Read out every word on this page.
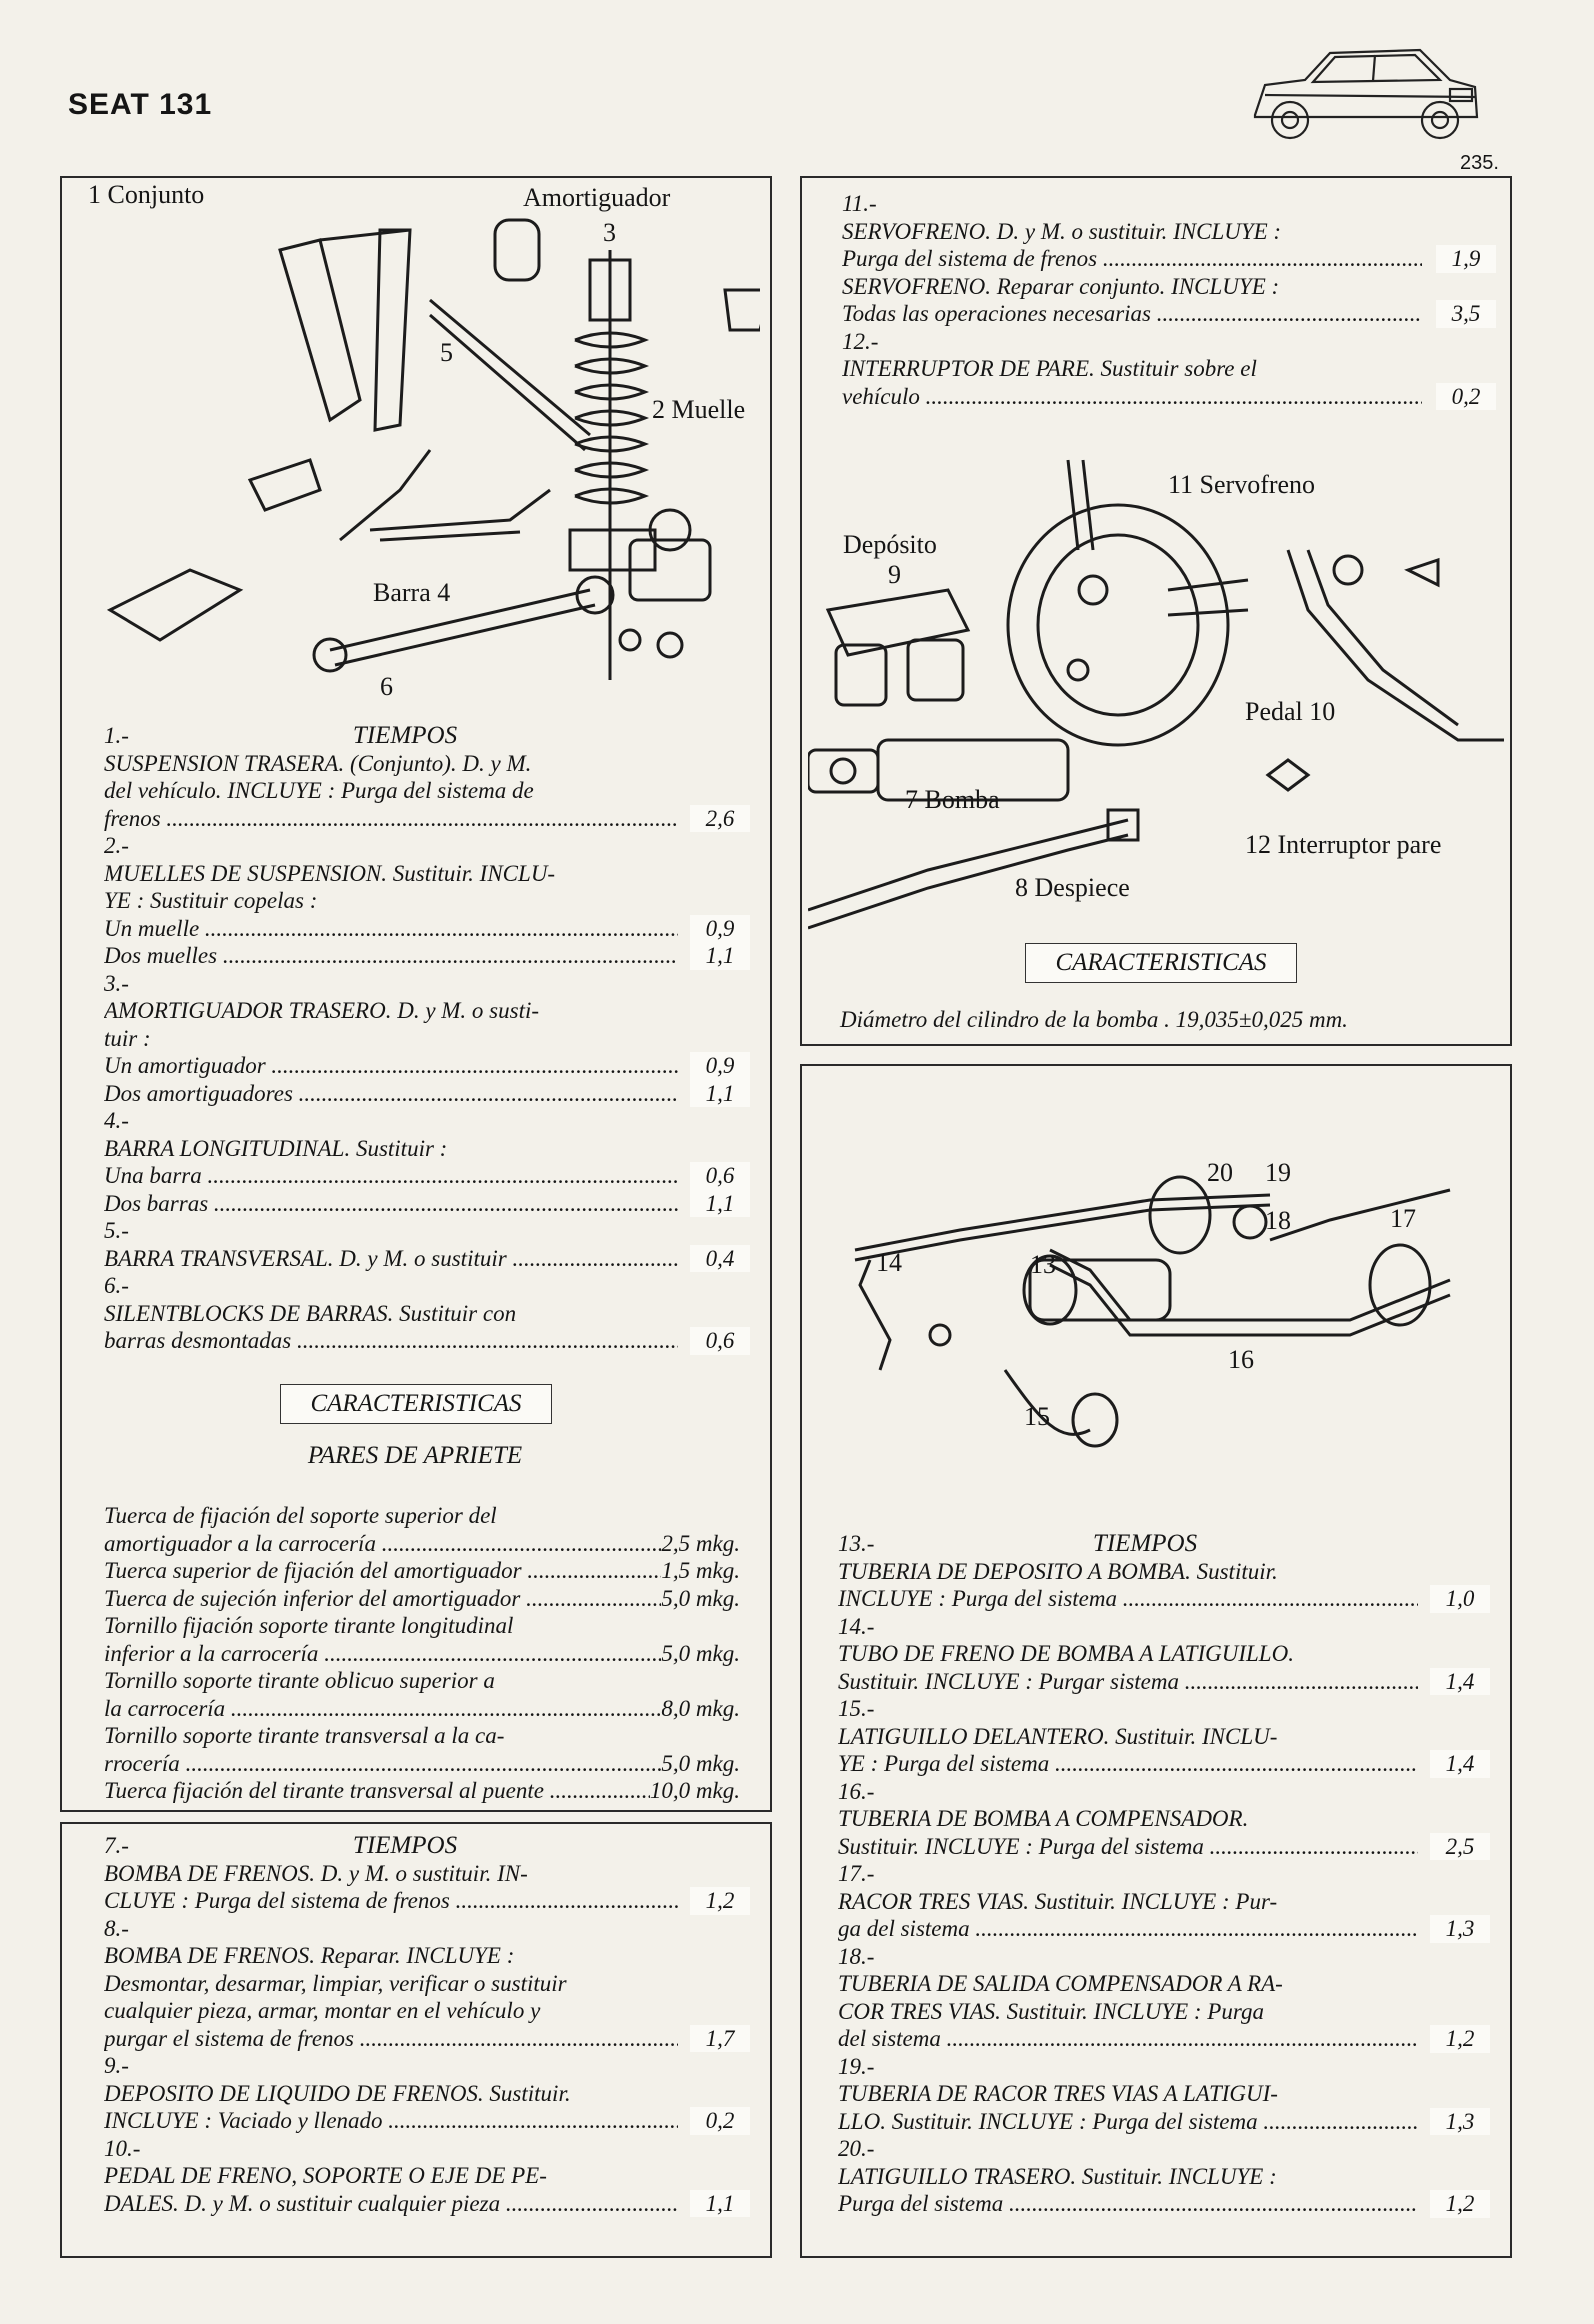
SEAT 131
235.
1 Conjunto	Amortiguador
3
2 Muelle
5
Barra 4
6
TIEMPOS
1.-
SUSPENSION TRASERA. (Conjunto). D. y M.
del vehículo. INCLUYE : Purga del sistema de
frenos .....	2,6
2.-
MUELLES DE SUSPENSION. Sustituir. INCLU-
YE : Sustituir copelas :
Un muelle .....	0,9
Dos muelles .....	1,1
3.-
AMORTIGUADOR TRASERO. D. y M. o susti-
tuir :
Un amortiguador .....	0,9
Dos amortiguadores .....	1,1
4.-
BARRA LONGITUDINAL. Sustituir :
Una barra .....	0,6
Dos barras .....	1,1
5.-
BARRA TRANSVERSAL. D. y M. o sustituir .....	0,4
6.-
SILENTBLOCKS DE BARRAS. Sustituir con
barras desmontadas .....	0,6
CARACTERISTICAS
PARES DE APRIETE
Tuerca de fijación del soporte superior del
amortiguador a la carrocería .....	2,5 mkg.
Tuerca superior de fijación del amortiguador .....	1,5 mkg.
Tuerca de sujeción inferior del amortiguador .....	5,0 mkg.
Tornillo fijación soporte tirante longitudinal
inferior a la carrocería .....	5,0 mkg.
Tornillo soporte tirante oblicuo superior a
la carrocería .....	8,0 mkg.
Tornillo soporte tirante transversal a la ca-
rrocería .....	5,0 mkg.
Tuerca fijación del tirante transversal al puente .....	10,0 mkg.
TIEMPOS
7.-
BOMBA DE FRENOS. D. y M. o sustituir. IN-
CLUYE : Purga del sistema de frenos .....	1,2
8.-
BOMBA DE FRENOS. Reparar. INCLUYE :
Desmontar, desarmar, limpiar, verificar o sustituir
cualquier pieza, armar, montar en el vehículo y
purgar el sistema de frenos .....	1,7
9.-
DEPOSITO DE LIQUIDO DE FRENOS. Sustituir.
INCLUYE : Vaciado y llenado .....	0,2
10.-
PEDAL DE FRENO, SOPORTE O EJE DE PE-
DALES. D. y M. o sustituir cualquier pieza .....	1,1
11.-
SERVOFRENO. D. y M. o sustituir. INCLUYE :
Purga del sistema de frenos .....	1,9
SERVOFRENO. Reparar conjunto. INCLUYE :
Todas las operaciones necesarias .....	3,5
12.-
INTERRUPTOR DE PARE. Sustituir sobre el
vehículo .....	0,2
11 Servofreno
Depósito
9
Pedal 10
7 Bomba
12 Interruptor pare
8 Despiece
CARACTERISTICAS
Diámetro del cilindro de la bomba . 19,035±0,025 mm.
20 19
18	17
14	13
16
15
TIEMPOS
13.-
TUBERIA DE DEPOSITO A BOMBA. Sustituir.
INCLUYE : Purga del sistema .....	1,0
14.-
TUBO DE FRENO DE BOMBA A LATIGUILLO.
Sustituir. INCLUYE : Purgar sistema .....	1,4
15.-
LATIGUILLO DELANTERO. Sustituir. INCLU-
YE : Purga del sistema .....	1,4
16.-
TUBERIA DE BOMBA A COMPENSADOR.
Sustituir. INCLUYE : Purga del sistema .....	2,5
17.-
RACOR TRES VIAS. Sustituir. INCLUYE : Pur-
ga del sistema .....	1,3
18.-
TUBERIA DE SALIDA COMPENSADOR A RA-
COR TRES VIAS. Sustituir. INCLUYE : Purga
del sistema .....	1,2
19.-
TUBERIA DE RACOR TRES VIAS A LATIGUI-
LLO. Sustituir. INCLUYE : Purga del sistema .....	1,3
20.-
LATIGUILLO TRASERO. Sustituir. INCLUYE :
Purga del sistema .....	1,2
